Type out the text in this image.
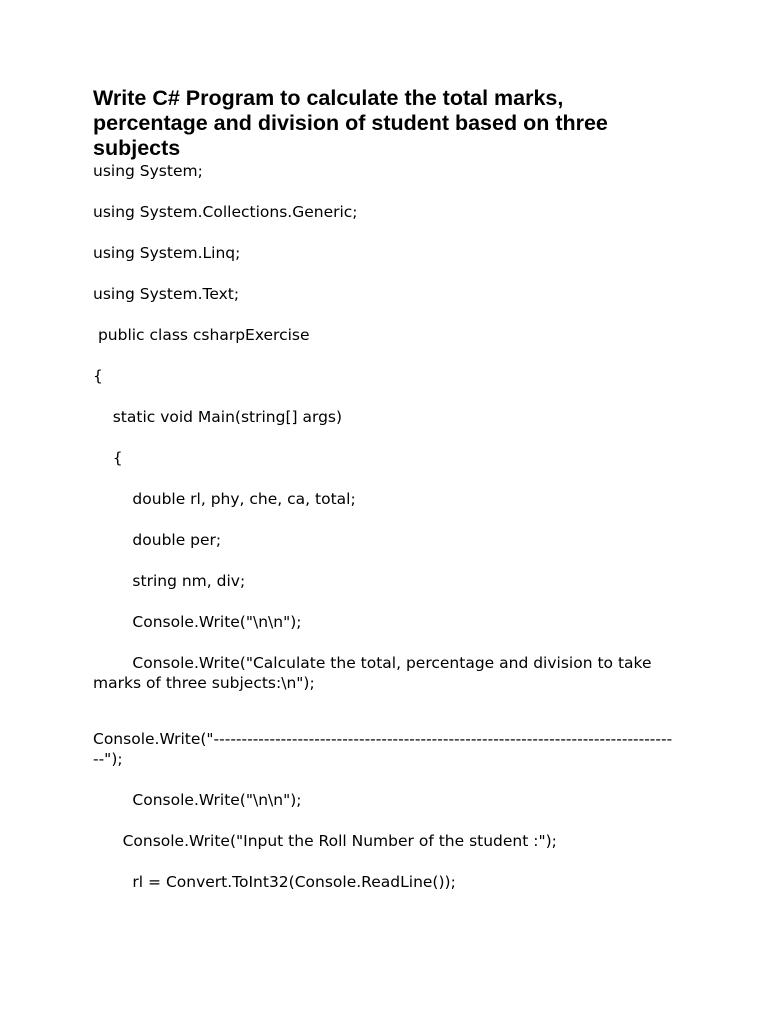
Write C# Program to calculate the total marks, percentage and division of student based on three subjects

using System;

using System.Collections.Generic;

using System.Linq;

using System.Text;

public class csharpExercise

{

static void Main(string[] args)

{

double rl, phy, che, ca, total;

double per;

string nm, div;

Console.Write("\n\n");

Console.Write("Calculate the total, percentage and division to take marks of three subjects:\n");

Console.Write("------------------------------------------------------------------------------------");

Console.Write("\n\n");

Console.Write("Input the Roll Number of the student :");

rl = Convert.ToInt32(Console.ReadLine());
